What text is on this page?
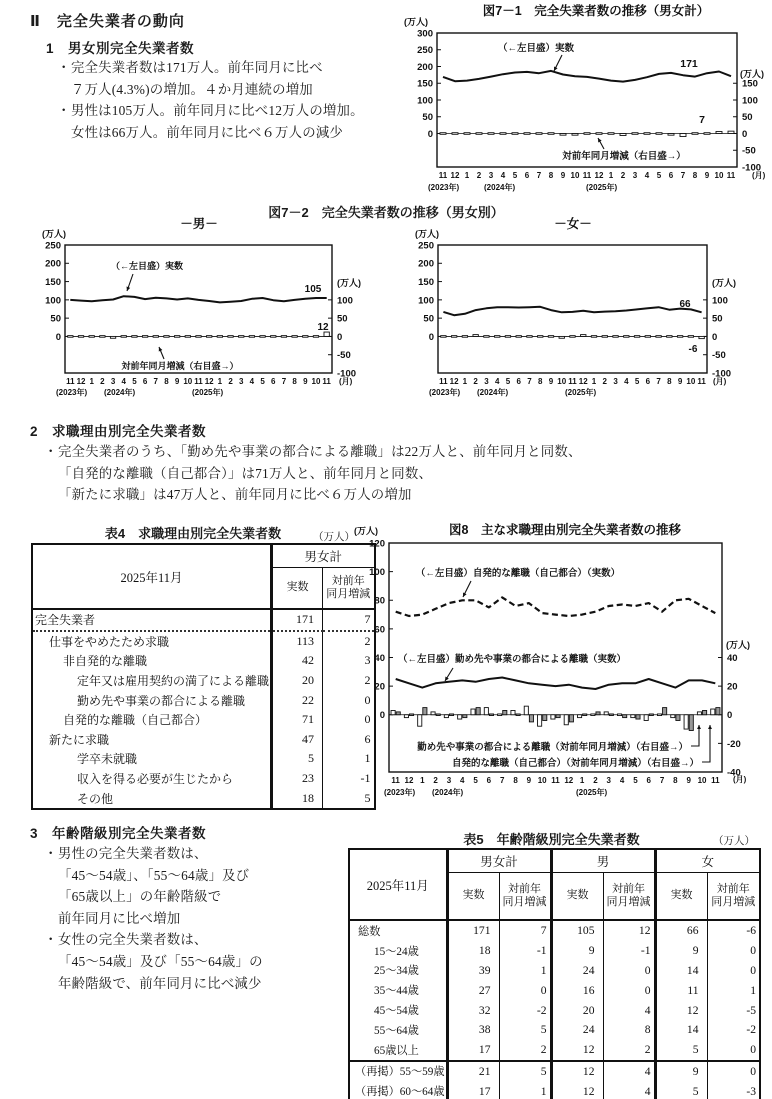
Ⅱ　完全失業者の動向
1　男女別完全失業者数
・ 完全失業者数は171万人。前年同月に比べ
７万人(4.3%)の増加。４か月連続の増加
・ 男性は105万人。前年同月に比べ12万人の増加。
女性は66万人。前年同月に比べ６万人の減少
図7－1　完全失業者数の推移（男女計）
300
250
200
150
100
50
0
150
100
50
0
-50
-100
(万人)
(万人)
11 12 1 2 3 4 5 6 7 8 9 10 11 12 1 2 3 4 5 6 7 8 9 10 11 (月)
(2023年)	(2024年)	(2025年)
（←左目盛）実数
171
対前年同月増減（右目盛→）
7
図7－2　完全失業者数の推移（男女別）
－男－
250
200
150
100
50
0
100
50
0
-50
-100
(万人)
(万人)
11 12 1 2 3 4 5 6 7 8 9 10 11 12 1 2 3 4 5 6 7 8 9 10 11 (月)
(2023年) (2024年)	(2025年)
（←左目盛）実数
105
12
対前年同月増減（右目盛→）
－女－
250
200
150
100
50
0
100
50
0
-50
-100
(万人)
(万人)
11 12 1 2 3 4 5 6 7 8 9 10 11 12 1 2 3 4 5 6 7 8 9 10 11 (月)
(2023年) (2024年)	(2025年)
66
-6
2　求職理由別完全失業者数
・ 完全失業者のうち、「勤め先や事業の都合による離職」は22万人と、前年同月と同数、
「自発的な離職（自己都合）」は71万人と、前年同月と同数、
「新たに求職」は47万人と、前年同月に比べ６万人の増加
表4　求職理由別完全失業者数	（万人）
2025年11月	男女計	
	実数	対前年
同月増減
完全失業者	171	7
仕事をやめたため求職	113	2
非自発的な離職	42	3
定年又は雇用契約の満了による離職	20	2
勤め先や事業の都合による離職	22	0
自発的な離職（自己都合）	71	0
新たに求職	47	6
学卒未就職	5	1
収入を得る必要が生じたから	23	-1
その他	18	5
図8　主な求職理由別完全失業者数の推移
120
100
80
60
40
20
0
40
20
0
-20
-40
(万人)
(万人)
11 12 1 2 3 4 5 6 7 8 9 10 11 12 1 2 3 4 5 6 7 8 9 10 11 (月)
(2023年) (2024年)	(2025年)
（←左目盛）自発的な離職（自己都合）（実数）
（←左目盛）勤め先や事業の都合による離職（実数）
勤め先や事業の都合による離職（対前年同月増減）（右目盛→）
自発的な離職（自己都合）（対前年同月増減）（右目盛→）
3　年齢階級別完全失業者数
・ 男性の完全失業者数は、
「45～54歳」、「55～64歳」及び
「65歳以上」の年齢階級で
前年同月に比べ増加
・ 女性の完全失業者数は、
「45～54歳」及び「55～64歳」の
年齢階級で、前年同月に比べ減少
表5　年齢階級別完全失業者数	（万人）
2025年11月	男女計		男		女	
	実数	対前年
同月増減	実数	対前年
同月増減	実数	対前年
同月増減
総数	171	7	105	12	66	-6
15～24歳	18	-1	9	-1	9	0
25～34歳	39	1	24	0	14	0
35～44歳	27	0	16	0	11	1
45～54歳	32	-2	20	4	12	-5
55～64歳	38	5	24	8	14	-2
65歳以上	17	2	12	2	5	0
（再掲）55～59歳	21	5	12	4	9	0
（再掲）60～64歳	17	1	12	4	5	-3
